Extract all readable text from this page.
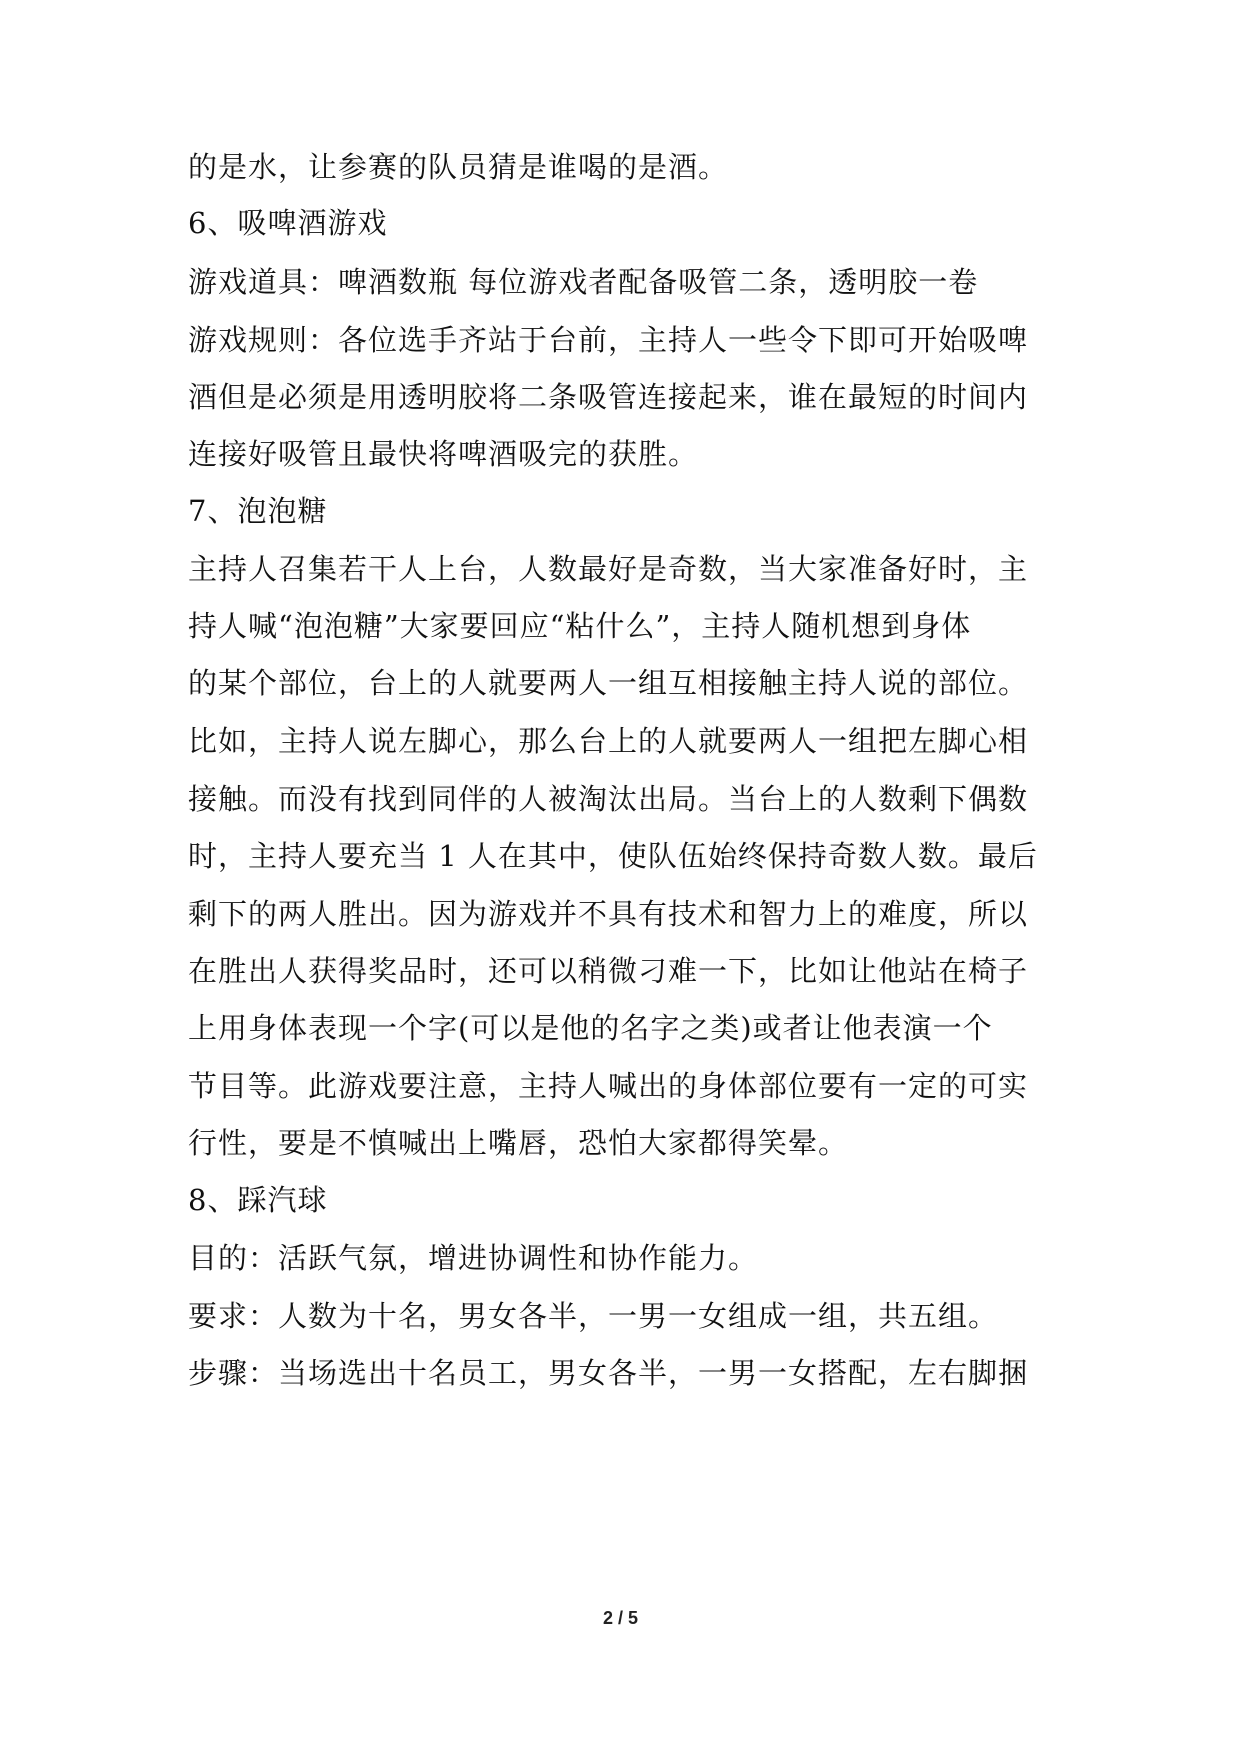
的是水，让参赛的队员猜是谁喝的是酒。
6、吸啤酒游戏
游戏道具：啤酒数瓶 每位游戏者配备吸管二条，透明胶一卷
游戏规则：各位选手齐站于台前，主持人一些令下即可开始吸啤
酒但是必须是用透明胶将二条吸管连接起来，谁在最短的时间内
连接好吸管且最快将啤酒吸完的获胜。
7、泡泡糖
主持人召集若干人上台，人数最好是奇数，当大家准备好时，主
持人喊“泡泡糖”大家要回应“粘什么”，主持人随机想到身体
的某个部位，台上的人就要两人一组互相接触主持人说的部位。
比如，主持人说左脚心，那么台上的人就要两人一组把左脚心相
接触。而没有找到同伴的人被淘汰出局。当台上的人数剩下偶数
时，主持人要充当 1 人在其中，使队伍始终保持奇数人数。最后
剩下的两人胜出。因为游戏并不具有技术和智力上的难度，所以
在胜出人获得奖品时，还可以稍微刁难一下，比如让他站在椅子
上用身体表现一个字(可以是他的名字之类)或者让他表演一个
节目等。此游戏要注意，主持人喊出的身体部位要有一定的可实
行性，要是不慎喊出上嘴唇，恐怕大家都得笑晕。
8、踩汽球
目的：活跃气氛，增进协调性和协作能力。
要求：人数为十名，男女各半，一男一女组成一组，共五组。
步骤：当场选出十名员工，男女各半，一男一女搭配，左右脚捆
2 / 5
